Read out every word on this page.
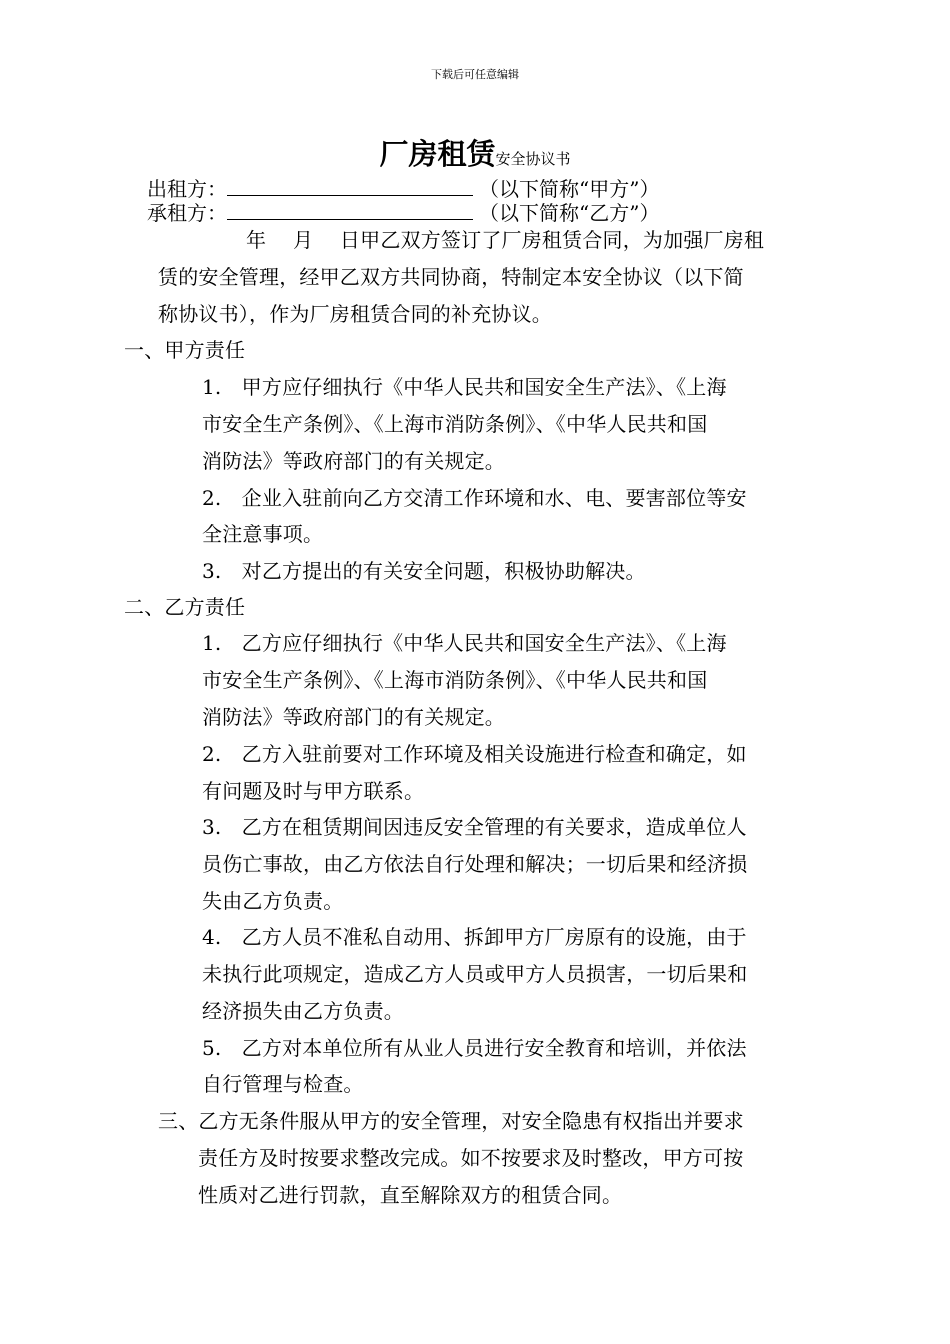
下载后可任意编辑
厂房租赁安全协议书
出租方：	（以下简称“甲方”）
承租方：	（以下简称“乙方”）
年　 月　 日甲乙双方签订了厂房租赁合同，为加强厂房租
赁的安全管理，经甲乙双方共同协商，特制定本安全协议（以下简
称协议书），作为厂房租赁合同的补充协议。
一、甲方责任
1.　甲方应仔细执行《中华人民共和国安全生产法》、《上海
市安全生产条例》、《上海市消防条例》、《中华人民共和国
消防法》等政府部门的有关规定。
2.　企业入驻前向乙方交清工作环境和水、电、要害部位等安
全注意事项。
3.　对乙方提出的有关安全问题，积极协助解决。
二、乙方责任
1.　乙方应仔细执行《中华人民共和国安全生产法》、《上海
市安全生产条例》、《上海市消防条例》、《中华人民共和国
消防法》等政府部门的有关规定。
2.　乙方入驻前要对工作环境及相关设施进行检查和确定，如
有问题及时与甲方联系。
3.　乙方在租赁期间因违反安全管理的有关要求，造成单位人
员伤亡事故，由乙方依法自行处理和解决；一切后果和经济损
失由乙方负责。
4.　乙方人员不准私自动用、拆卸甲方厂房原有的设施，由于
未执行此项规定，造成乙方人员或甲方人员损害，一切后果和
经济损失由乙方负责。
5.　乙方对本单位所有从业人员进行安全教育和培训，并依法
自行管理与检查。
三、乙方无条件服从甲方的安全管理，对安全隐患有权指出并要求
责任方及时按要求整改完成。如不按要求及时整改，甲方可按
性质对乙进行罚款，直至解除双方的租赁合同。
